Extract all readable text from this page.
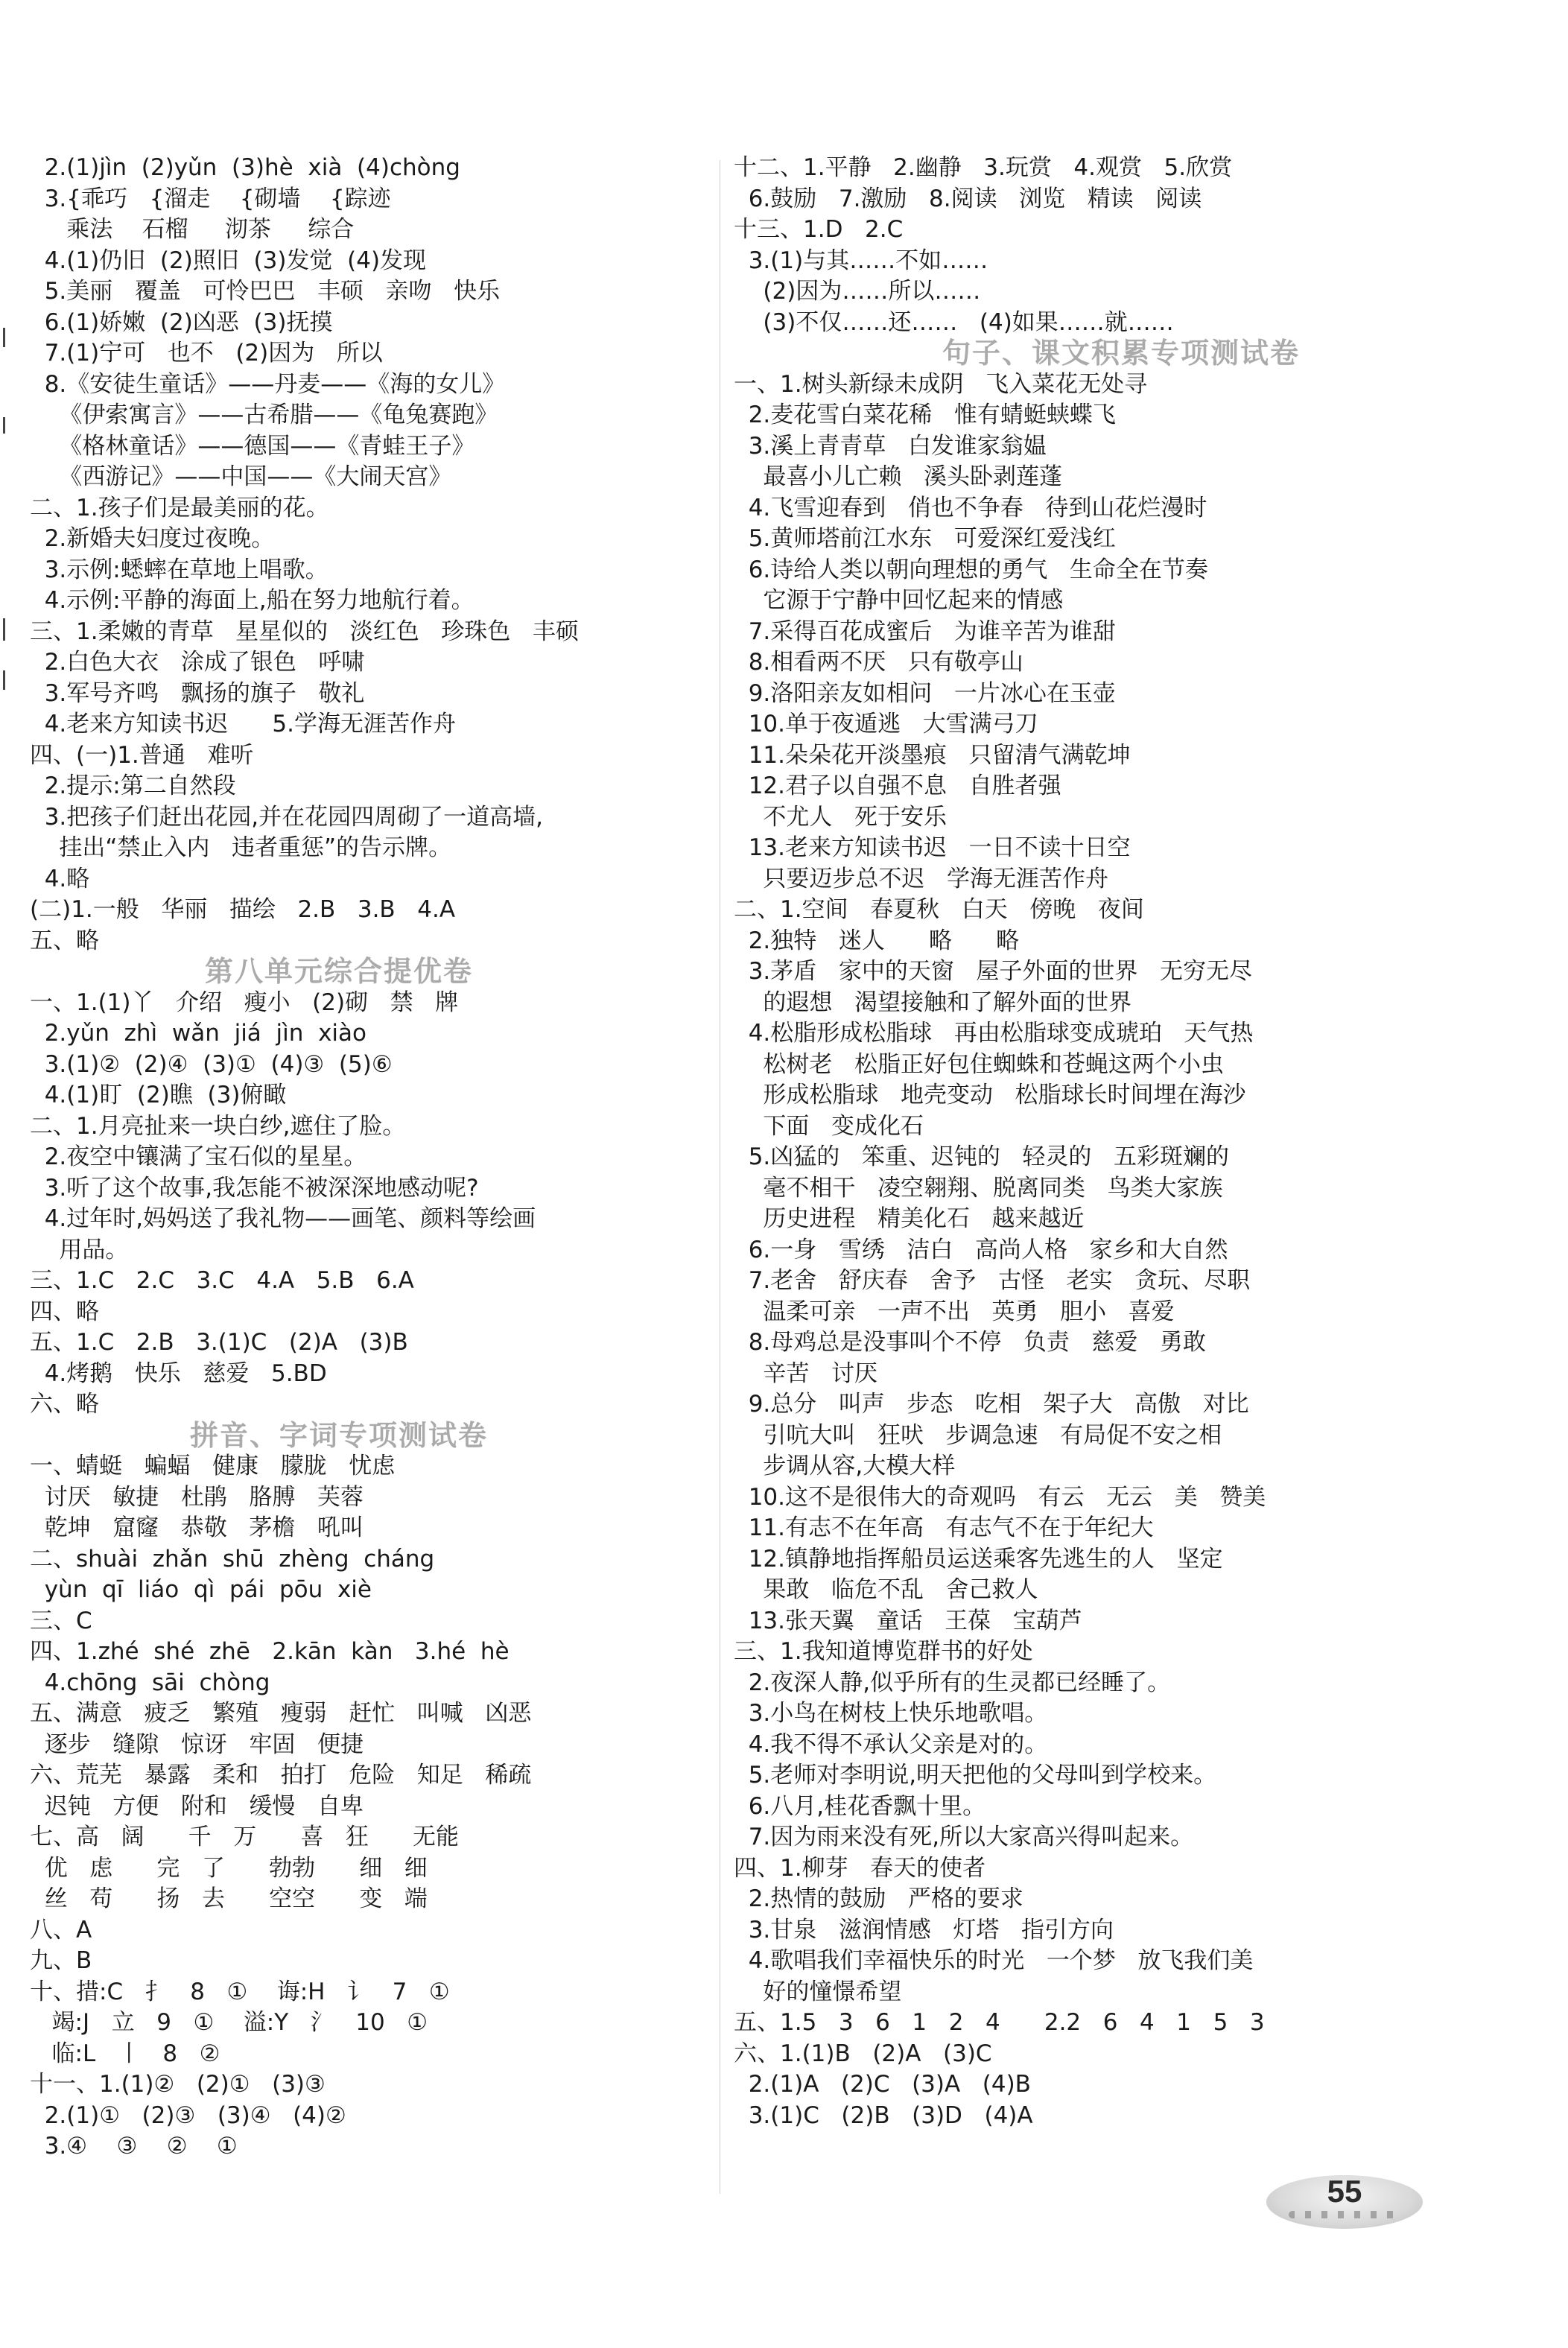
2.(1)jìn  (2)yǔn  (3)hè  xià  (4)chòng
3.{乖巧   {溜走    {砌墙    {踪迹
乘法    石榴     沏茶     综合
4.(1)仍旧  (2)照旧  (3)发觉  (4)发现
5.美丽   覆盖   可怜巴巴   丰硕   亲吻   快乐
6.(1)娇嫩  (2)凶恶  (3)抚摸
7.(1)宁可   也不   (2)因为   所以
8.《安徒生童话》——丹麦——《海的女儿》
《伊索寓言》——古希腊——《龟兔赛跑》
《格林童话》——德国——《青蛙王子》
《西游记》——中国——《大闹天宫》
二、1.孩子们是最美丽的花。
2.新婚夫妇度过夜晚。
3.示例:蟋蟀在草地上唱歌。
4.示例:平静的海面上,船在努力地航行着。
三、1.柔嫩的青草   星星似的   淡红色   珍珠色   丰硕
2.白色大衣   涂成了银色   呼啸
3.军号齐鸣   飘扬的旗子   敬礼
4.老来方知读书迟      5.学海无涯苦作舟
四、(一)1.普通   难听
2.提示:第二自然段
3.把孩子们赶出花园,并在花园四周砌了一道高墙,
挂出“禁止入内   违者重惩”的告示牌。
4.略
(二)1.一般   华丽   描绘   2.B   3.B   4.A
五、略
第八单元综合提优卷
一、1.(1)丫   介绍   瘦小   (2)砌   禁   牌
2.yǔn  zhì  wǎn  jiá  jìn  xiào
3.(1)②  (2)④  (3)①  (4)③  (5)⑥
4.(1)盯  (2)瞧  (3)俯瞰
二、1.月亮扯来一块白纱,遮住了脸。
2.夜空中镶满了宝石似的星星。
3.听了这个故事,我怎能不被深深地感动呢?
4.过年时,妈妈送了我礼物——画笔、颜料等绘画
用品。
三、1.C   2.C   3.C   4.A   5.B   6.A
四、略
五、1.C   2.B   3.(1)C   (2)A   (3)B
4.烤鹅   快乐   慈爱   5.BD
六、略
拼音、字词专项测试卷
一、蜻蜓   蝙蝠   健康   朦胧   忧虑
讨厌   敏捷   杜鹃   胳膊   芙蓉
乾坤   窟窿   恭敬   茅檐   吼叫
二、shuài  zhǎn  shū  zhèng  cháng
yùn  qī  liáo  qì  pái  pōu  xiè
三、C
四、1.zhé  shé  zhē   2.kān  kàn   3.hé  hè
4.chōng  sāi  chòng
五、满意   疲乏   繁殖   瘦弱   赶忙   叫喊   凶恶
逐步   缝隙   惊讶   牢固   便捷
六、荒芜   暴露   柔和   拍打   危险   知足   稀疏
迟钝   方便   附和   缓慢   自卑
七、高   阔      千   万      喜   狂      无能
优   虑      完   了      勃勃      细   细
丝   苟      扬   去      空空      变   端
八、A
九、B
十、措:C   扌   8   ①    诲:H   讠   7   ①
竭:J   立   9   ①    溢:Y   氵   10   ①
临:L   丨   8   ②
十一、1.(1)②   (2)①   (3)③
2.(1)①   (2)③   (3)④   (4)②
3.④    ③    ②    ①
十二、1.平静   2.幽静   3.玩赏   4.观赏   5.欣赏
6.鼓励   7.激励   8.阅读   浏览   精读   阅读
十三、1.D   2.C
3.(1)与其……不如……
(2)因为……所以……
(3)不仅……还……   (4)如果……就……
句子、课文积累专项测试卷
一、1.树头新绿未成阴   飞入菜花无处寻
2.麦花雪白菜花稀   惟有蜻蜓蛱蝶飞
3.溪上青青草   白发谁家翁媪
最喜小儿亡赖   溪头卧剥莲蓬
4.飞雪迎春到   俏也不争春   待到山花烂漫时
5.黄师塔前江水东   可爱深红爱浅红
6.诗给人类以朝向理想的勇气   生命全在节奏
它源于宁静中回忆起来的情感
7.采得百花成蜜后   为谁辛苦为谁甜
8.相看两不厌   只有敬亭山
9.洛阳亲友如相问   一片冰心在玉壶
10.单于夜遁逃   大雪满弓刀
11.朵朵花开淡墨痕   只留清气满乾坤
12.君子以自强不息   自胜者强
不尤人   死于安乐
13.老来方知读书迟   一日不读十日空
只要迈步总不迟   学海无涯苦作舟
二、1.空间   春夏秋   白天   傍晚   夜间
2.独特   迷人      略      略
3.茅盾   家中的天窗   屋子外面的世界   无穷无尽
的遐想   渴望接触和了解外面的世界
4.松脂形成松脂球   再由松脂球变成琥珀   天气热
松树老   松脂正好包住蜘蛛和苍蝇这两个小虫
形成松脂球   地壳变动   松脂球长时间埋在海沙
下面   变成化石
5.凶猛的   笨重、迟钝的   轻灵的   五彩斑斓的
毫不相干   凌空翱翔、脱离同类   鸟类大家族
历史进程   精美化石   越来越近
6.一身   雪绣   洁白   高尚人格   家乡和大自然
7.老舍   舒庆春   舍予   古怪   老实   贪玩、尽职
温柔可亲   一声不出   英勇   胆小   喜爱
8.母鸡总是没事叫个不停   负责   慈爱   勇敢
辛苦   讨厌
9.总分   叫声   步态   吃相   架子大   高傲   对比
引吭大叫   狂吠   步调急速   有局促不安之相
步调从容,大模大样
10.这不是很伟大的奇观吗   有云   无云   美   赞美
11.有志不在年高   有志气不在于年纪大
12.镇静地指挥船员运送乘客先逃生的人   坚定
果敢   临危不乱   舍己救人
13.张天翼   童话   王葆   宝葫芦
三、1.我知道博览群书的好处
2.夜深人静,似乎所有的生灵都已经睡了。
3.小鸟在树枝上快乐地歌唱。
4.我不得不承认父亲是对的。
5.老师对李明说,明天把他的父母叫到学校来。
6.八月,桂花香飘十里。
7.因为雨来没有死,所以大家高兴得叫起来。
四、1.柳芽   春天的使者
2.热情的鼓励   严格的要求
3.甘泉   滋润情感   灯塔   指引方向
4.歌唱我们幸福快乐的时光   一个梦   放飞我们美
好的憧憬希望
五、1.5   3   6   1   2   4      2.2   6   4   1   5   3
六、1.(1)B   (2)A   (3)C
2.(1)A   (2)C   (3)A   (4)B
3.(1)C   (2)B   (3)D   (4)A
55
